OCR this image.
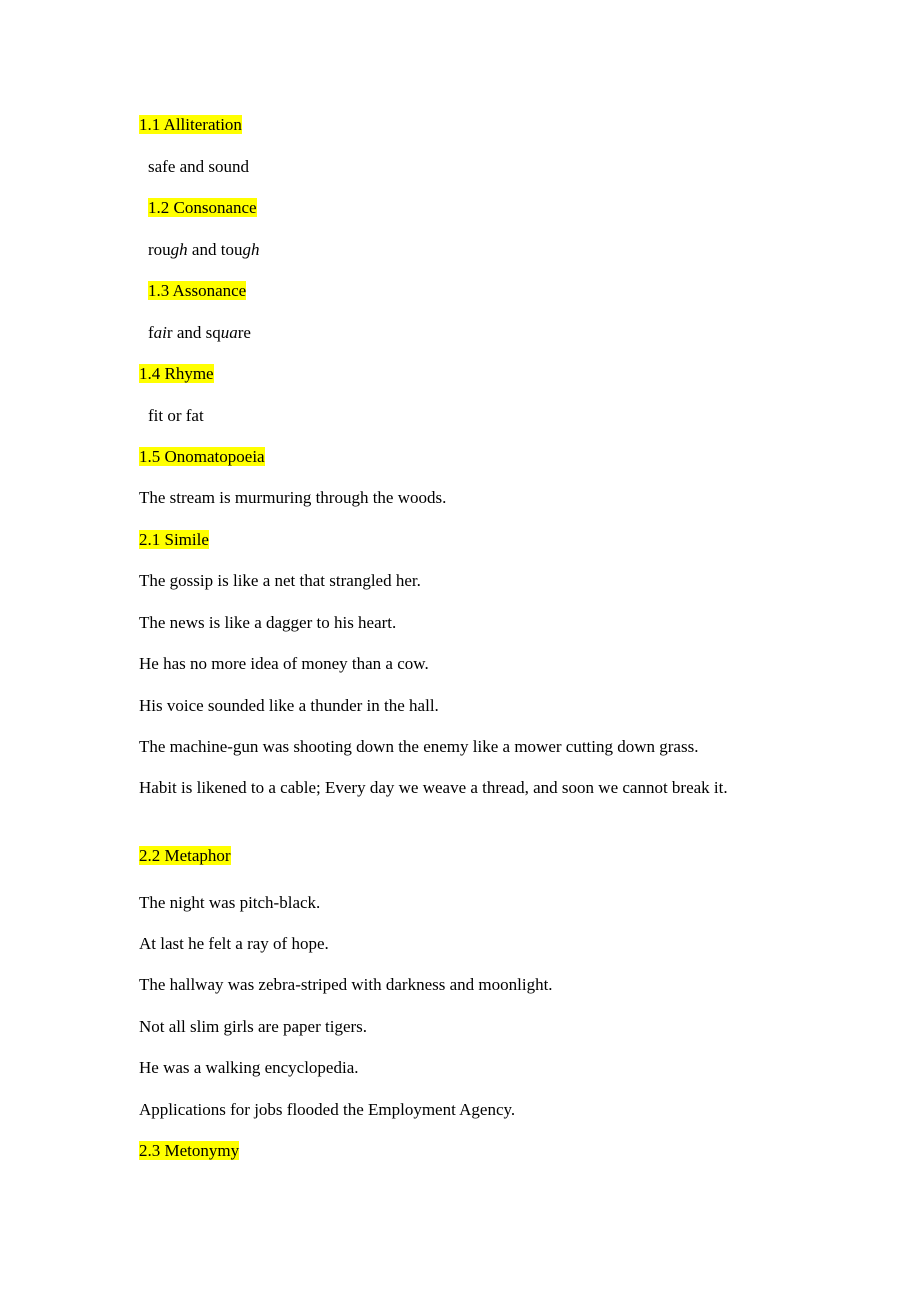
1.1 Alliteration
safe and sound
1.2 Consonance
rough and tough
1.3 Assonance
fair and square
1.4 Rhyme
fit or fat
1.5 Onomatopoeia
The stream is murmuring through the woods.
2.1 Simile
The gossip is like a net that strangled her.
The news is like a dagger to his heart.
He has no more idea of money than a cow.
His voice sounded like a thunder in the hall.
The machine-gun was shooting down the enemy like a mower cutting down grass.
Habit is likened to a cable; Every day we weave a thread, and soon we cannot break it.
2.2 Metaphor
The night was pitch-black.
At last he felt a ray of hope.
The hallway was zebra-striped with darkness and moonlight.
Not all slim girls are paper tigers.
He was a walking encyclopedia.
Applications for jobs flooded the Employment Agency.
2.3 Metonymy
